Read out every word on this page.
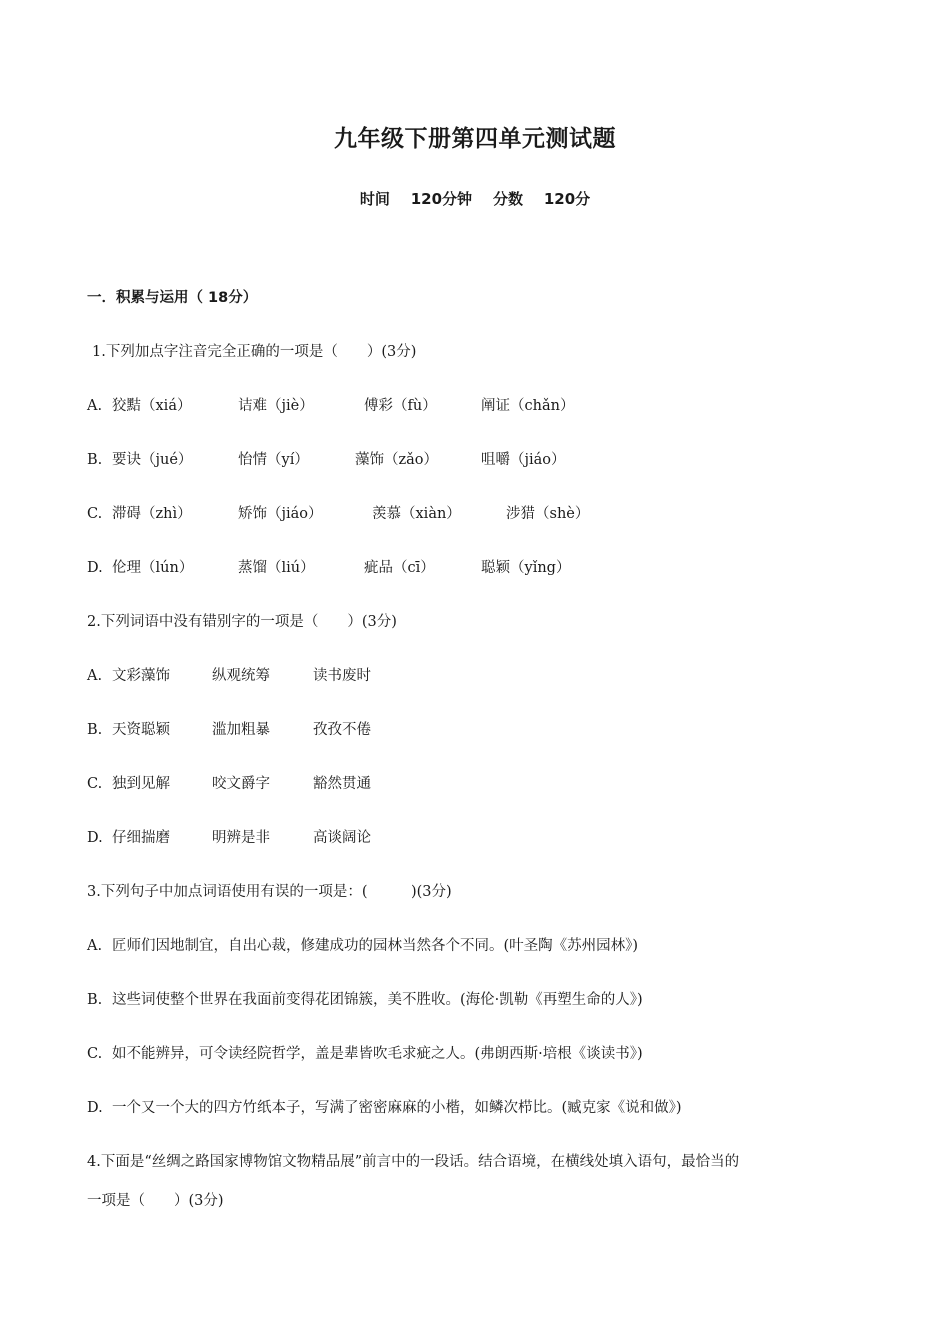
九年级下册第四单元测试题
时间 120分钟 分数 120分
一．积累与运用（ 18分）
1.下列加点字注音完全正确的一项是（　　）(3分)
A. 狡黠（xiá）	诘难（jiè）	傅彩（fù）	阐证（chǎn）
B. 要诀（jué）	怡情（yí）	藻饰（zǎo）	咀嚼（jiáo）
C. 滞碍（zhì）	矫饰（jiáo）	羡慕（xiàn）	涉猎（shè）
D. 伦理（lún）	蒸馏（liú）	疵品（cī）	聪颖（yǐng）
2.下列词语中没有错别字的一项是（　　）(3分)
A. 文彩藻饰	纵观统筹	读书废时
B. 天资聪颖	滥加粗暴	孜孜不倦
C. 独到见解	咬文爵字	豁然贯通
D. 仔细揣磨	明辨是非	高谈阔论
3.下列句子中加点词语使用有误的一项是：(　　　)(3分)
A. 匠师们因地制宜，自出心裁，修建成功的园林当然各个不同。(叶圣陶《苏州园林》)
B. 这些词使整个世界在我面前变得花团锦簇，美不胜收。(海伦·凯勒《再塑生命的人》)
C. 如不能辨异，可令读经院哲学，盖是辈皆吹毛求疵之人。(弗朗西斯·培根《谈读书》)
D. 一个又一个大的四方竹纸本子，写满了密密麻麻的小楷，如鳞次栉比。(臧克家《说和做》)
4.下面是“丝绸之路国家博物馆文物精品展”前言中的一段话。结合语境，在横线处填入语句，最恰当的
一项是（　　）(3分)
